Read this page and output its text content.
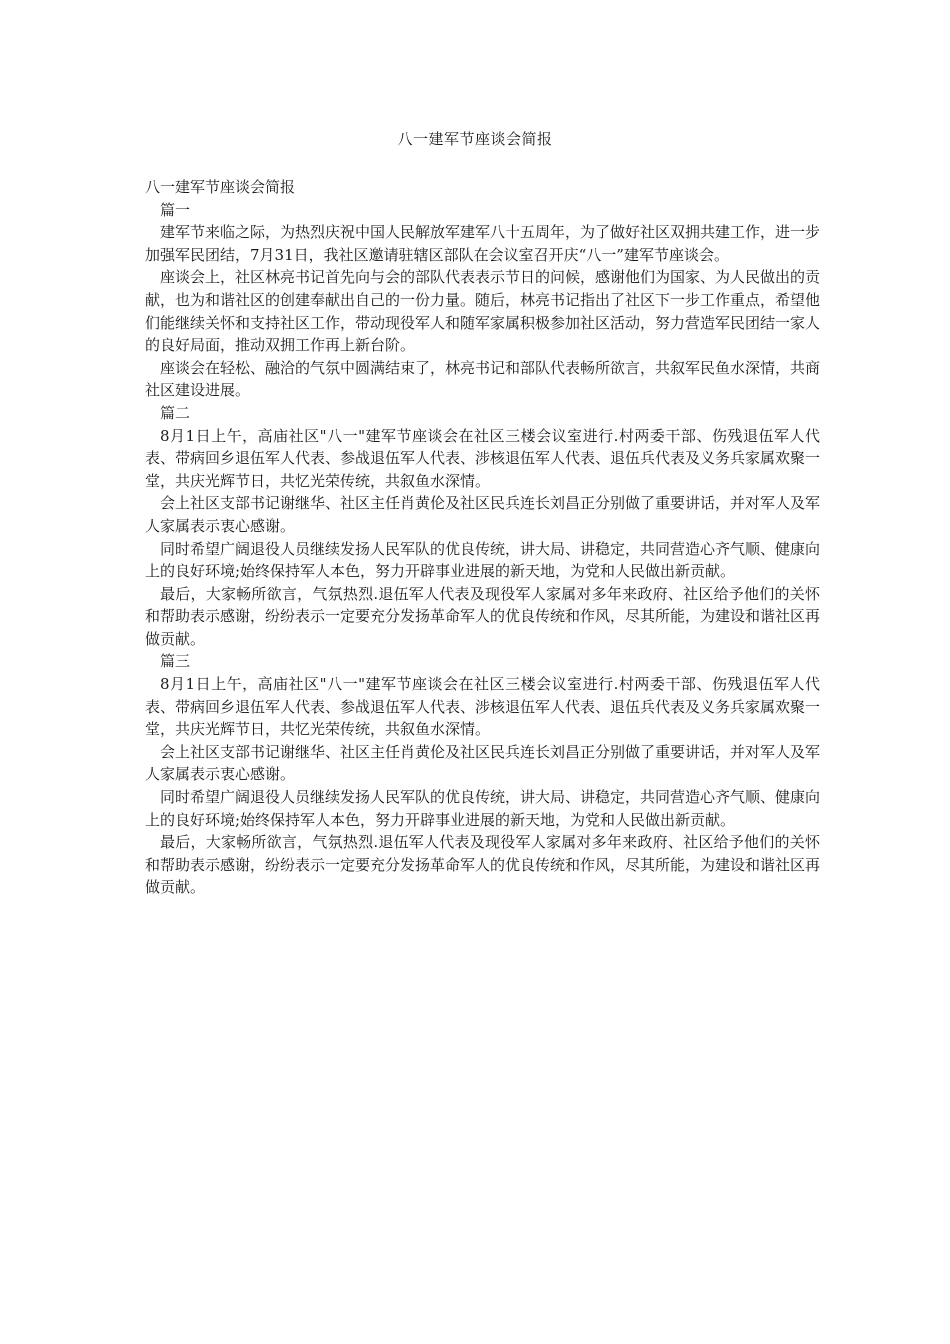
八一建军节座谈会简报

八一建军节座谈会简报

篇一

建军节来临之际，为热烈庆祝中国人民解放军建军八十五周年，为了做好社区双拥共建工作，进一步加强军民团结，7月31日，我社区邀请驻辖区部队在会议室召开庆“八一”建军节座谈会。

座谈会上，社区林亮书记首先向与会的部队代表表示节日的问候，感谢他们为国家、为人民做出的贡献，也为和谐社区的创建奉献出自己的一份力量。随后，林亮书记指出了社区下一步工作重点，希望他们能继续关怀和支持社区工作，带动现役军人和随军家属积极参加社区活动，努力营造军民团结一家人的良好局面，推动双拥工作再上新台阶。

座谈会在轻松、融洽的气氛中圆满结束了，林亮书记和部队代表畅所欲言，共叙军民鱼水深情，共商社区建设进展。

篇二

8月1日上午，高庙社区"八一"建军节座谈会在社区三楼会议室进行.村两委干部、伤残退伍军人代表、带病回乡退伍军人代表、参战退伍军人代表、涉核退伍军人代表、退伍兵代表及义务兵家属欢聚一堂，共庆光辉节日，共忆光荣传统，共叙鱼水深情。

会上社区支部书记谢继华、社区主任肖黄伦及社区民兵连长刘昌正分别做了重要讲话，并对军人及军人家属表示衷心感谢。

同时希望广阔退役人员继续发扬人民军队的优良传统，讲大局、讲稳定，共同营造心齐气顺、健康向上的良好环境;始终保持军人本色，努力开辟事业进展的新天地，为党和人民做出新贡献。

最后，大家畅所欲言，气氛热烈.退伍军人代表及现役军人家属对多年来政府、社区给予他们的关怀和帮助表示感谢，纷纷表示一定要充分发扬革命军人的优良传统和作风，尽其所能，为建设和谐社区再做贡献。

篇三

8月1日上午，高庙社区"八一"建军节座谈会在社区三楼会议室进行.村两委干部、伤残退伍军人代表、带病回乡退伍军人代表、参战退伍军人代表、涉核退伍军人代表、退伍兵代表及义务兵家属欢聚一堂，共庆光辉节日，共忆光荣传统，共叙鱼水深情。

会上社区支部书记谢继华、社区主任肖黄伦及社区民兵连长刘昌正分别做了重要讲话，并对军人及军人家属表示衷心感谢。

同时希望广阔退役人员继续发扬人民军队的优良传统，讲大局、讲稳定，共同营造心齐气顺、健康向上的良好环境;始终保持军人本色，努力开辟事业进展的新天地，为党和人民做出新贡献。

最后，大家畅所欲言，气氛热烈.退伍军人代表及现役军人家属对多年来政府、社区给予他们的关怀和帮助表示感谢，纷纷表示一定要充分发扬革命军人的优良传统和作风，尽其所能，为建设和谐社区再做贡献。
